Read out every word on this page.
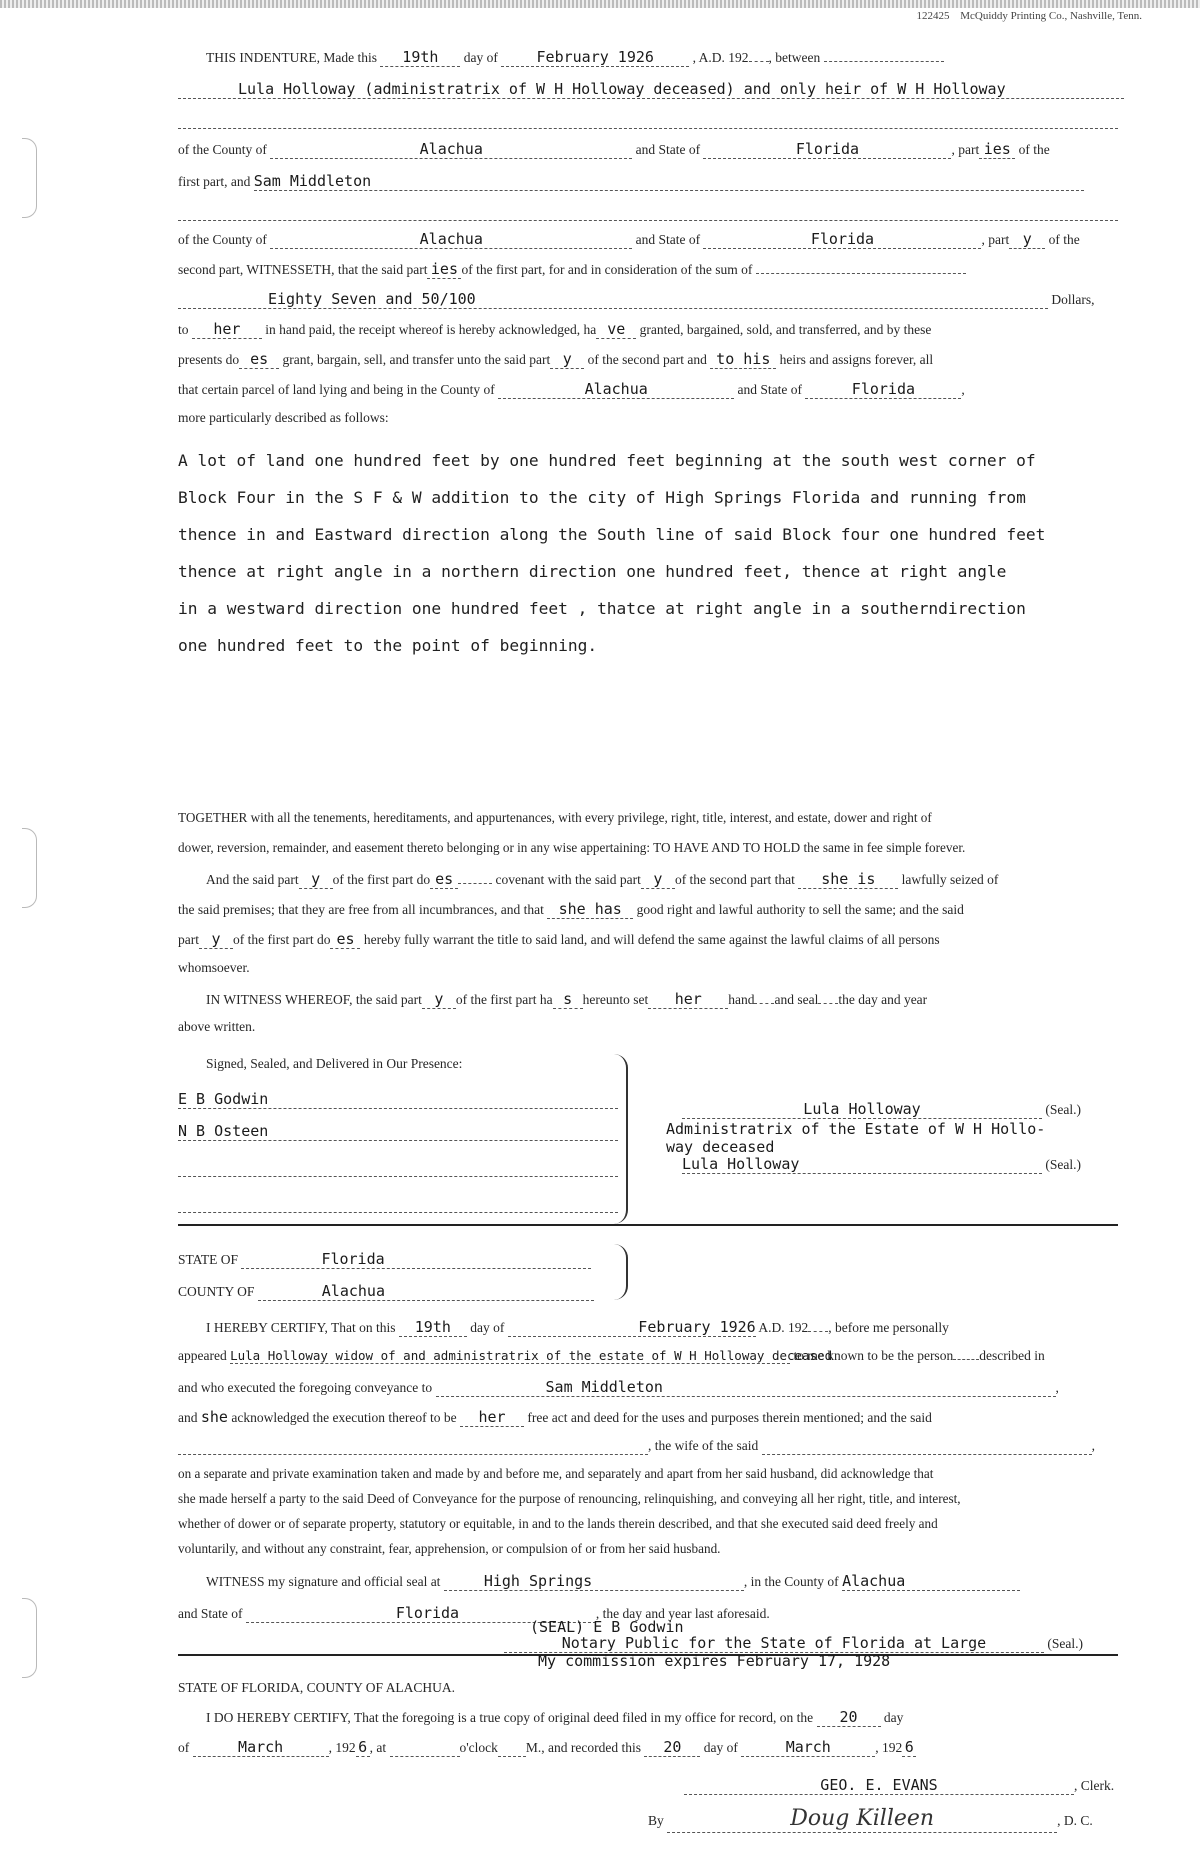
122425 McQuiddy Printing Co., Nashville, Tenn.
THIS INDENTURE, Made this 19th day of	February 1926	, A.D. 192 , between
Lula Holloway (administratrix of W H Holloway deceased) and only heir of W H Holloway

of the County of	Alachua	and State of	Florida	, part ies of the
first part, and Sam Middleton

of the County of	Alachua	and State of	Florida	, part y of the
second part, WITNESSETH, that the said part ies of the first part, for and in consideration of the sum of
Eighty Seven and 50/100	Dollars,
to her in hand paid, the receipt whereof is hereby acknowledged, ha ve granted, bargained, sold, and transferred, and by these
presents do es grant, bargain, sell, and transfer unto the said part y of the second part and to his heirs and assigns forever, all
that certain parcel of land lying and being in the County of	Alachua	and State of	Florida	,
more particularly described as follows:
A lot of land one hundred feet by one hundred feet beginning at the south west corner of
Block Four in the S F & W addition to the city of High Springs Florida and running from
thence in and Eastward direction along the South line of said Block four one hundred feet
thence at right angle in a northern direction one hundred feet, thence at right angle
in a westward direction one hundred feet , thatce at right angle in a southerndirection
one hundred feet to the point of beginning.
TOGETHER with all the tenements, hereditaments, and appurtenances, with every privilege, right, title, interest, and estate, dower and right of
dower, reversion, remainder, and easement thereto belonging or in any wise appertaining: TO HAVE AND TO HOLD the same in fee simple forever.
And the said part y of the first part do es	covenant with the said part y of the second part that she is lawfully seized of
the said premises; that they are free from all incumbrances, and that she has good right and lawful authority to sell the same; and the said
part y of the first part do es hereby fully warrant the title to said land, and will defend the same against the lawful claims of all persons
whomsoever.
IN WITNESS WHEREOF, the said part y of the first part ha s hereunto set her hand and seal the day and year
above written.
Signed, Sealed, and Delivered in Our Presence:
E B Godwin
N B Osteen

Lula Holloway	(Seal.)
Administratrix of the Estate of W H Hollo-
way deceased
Lula Holloway	(Seal.)
STATE OF	Florida
COUNTY OF	Alachua
I HEREBY CERTIFY, That on this 19th day of	February 1926 A.D. 192 , before me personally
appeared Lula Holloway widow of and administratrix of the estate of W H Holloway deceased to me known to be the person described in
and who executed the foregoing conveyance to	Sam Middleton	,
and she acknowledged the execution thereof to be her free act and deed for the uses and purposes therein mentioned; and the said
, the wife of the said	,
on a separate and private examination taken and made by and before me, and separately and apart from her said husband, did acknowledge that
she made herself a party to the said Deed of Conveyance for the purpose of renouncing, relinquishing, and conveying all her right, title, and interest,
whether of dower or of separate property, statutory or equitable, in and to the lands therein described, and that she executed said deed freely and
voluntarily, and without any constraint, fear, apprehension, or compulsion of or from her said husband.
WITNESS my signature and official seal at	High Springs	, in the County of Alachua
and State of	Florida	, the day and year last aforesaid.
(SEAL) E B Godwin
Notary Public for the State of Florida at Large	(Seal.)
My commission expires February 17, 1928
STATE OF FLORIDA, COUNTY OF ALACHUA.
I DO HEREBY CERTIFY, That the foregoing is a true copy of original deed filed in my office for record, on the 20 day
of	March	, 192 6 , at	o'clock M., and recorded this 20 day of	March	, 192 6
GEO. E. EVANS	, Clerk.
By	Doug Killeen	, D. C.
